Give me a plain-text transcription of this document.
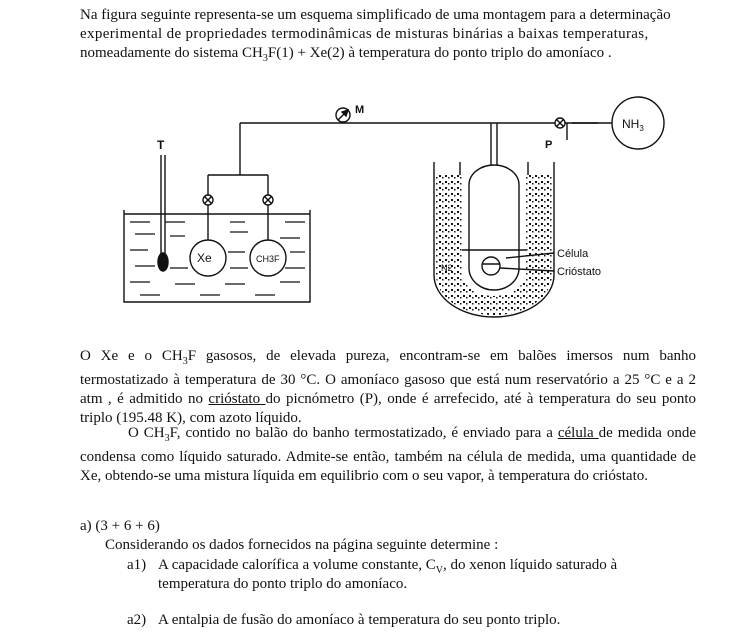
Na figura seguinte representa-se um esquema simplificado de uma montagem para a determinação
experimental de propriedades termodinâmicas de misturas binárias a baixas temperaturas,
nomeadamente do sistema $CH_3F(1) + Xe(2)$ à temperatura do ponto triplo do amoníaco .
T
M
P
$NH_3$
Xe	CH3F
N2
Célula
Crióstato

O Xe e o $CH_3F$ gasosos, de elevada pureza, encontram-se em balões imersos num banho termostatizado à temperatura de 30 °C. O amoníaco gasoso que está num reservatório a 25 °C e a 2 atm , é admitido no crióstato do picnómetro (P), onde é arrefecido, até à temperatura do seu ponto triplo (195.48 K), com azoto líquido.

O $CH_3F$, contido no balão do banho termostatizado, é enviado para a célula de medida onde condensa como líquido saturado. Admite-se então, também na célula de medida, uma quantidade de Xe, obtendo-se uma mistura líquida em equilibrio com o seu vapor, à temperatura do crióstato.

a) (3 + 6 + 6)
Considerando os dados fornecidos na página seguinte determine :
a1) A capacidade calorífica a volume constante, $C_V$, do xenon líquido saturado à
temperatura do ponto triplo do amoníaco.
a2) A entalpia de fusão do amoníaco à temperatura do seu ponto triplo.
